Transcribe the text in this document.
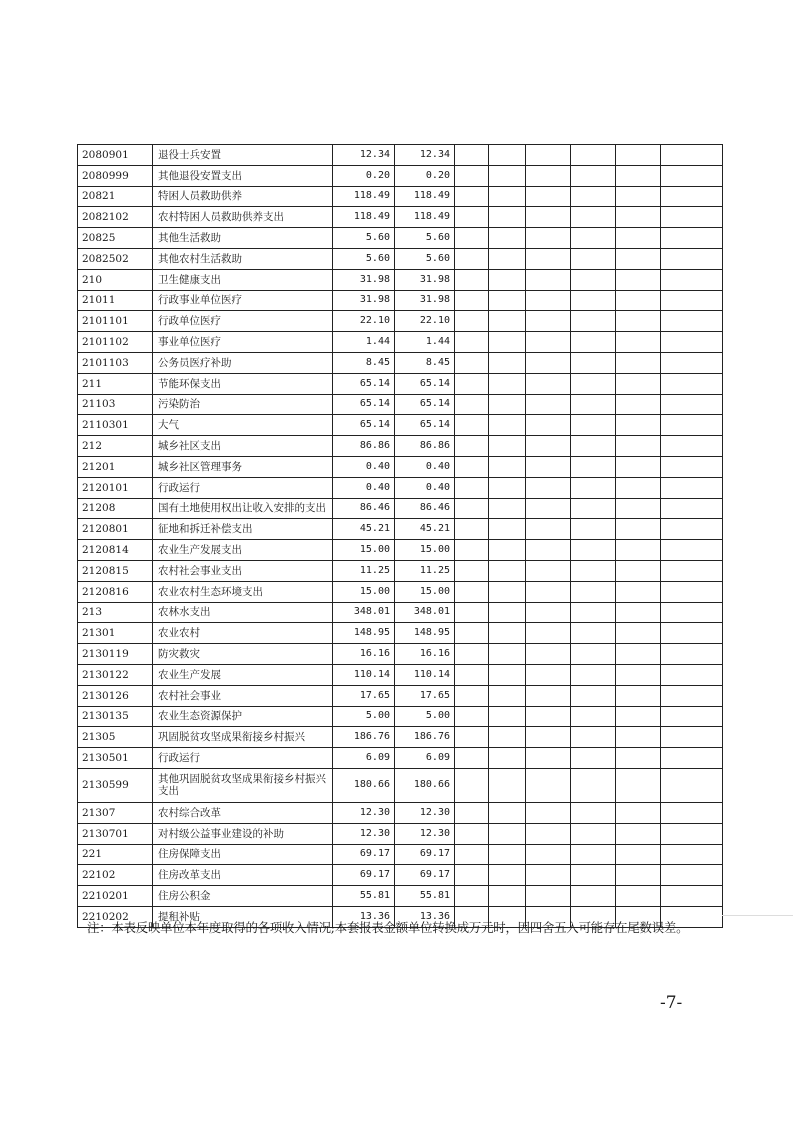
2080901	退役士兵安置	12.34	12.34						
2080999	其他退役安置支出	0.20	0.20						
20821	特困人员救助供养	118.49	118.49						
2082102	农村特困人员救助供养支出	118.49	118.49						
20825	其他生活救助	5.60	5.60						
2082502	其他农村生活救助	5.60	5.60						
210	卫生健康支出	31.98	31.98						
21011	行政事业单位医疗	31.98	31.98						
2101101	行政单位医疗	22.10	22.10						
2101102	事业单位医疗	1.44	1.44						
2101103	公务员医疗补助	8.45	8.45						
211	节能环保支出	65.14	65.14						
21103	污染防治	65.14	65.14						
2110301	大气	65.14	65.14						
212	城乡社区支出	86.86	86.86						
21201	城乡社区管理事务	0.40	0.40						
2120101	行政运行	0.40	0.40						
21208	国有土地使用权出让收入安排的支出	86.46	86.46						
2120801	征地和拆迁补偿支出	45.21	45.21						
2120814	农业生产发展支出	15.00	15.00						
2120815	农村社会事业支出	11.25	11.25						
2120816	农业农村生态环境支出	15.00	15.00						
213	农林水支出	348.01	348.01						
21301	农业农村	148.95	148.95						
2130119	防灾救灾	16.16	16.16						
2130122	农业生产发展	110.14	110.14						
2130126	农村社会事业	17.65	17.65						
2130135	农业生态资源保护	5.00	5.00						
21305	巩固脱贫攻坚成果衔接乡村振兴	186.76	186.76						
2130501	行政运行	6.09	6.09						
2130599	其他巩固脱贫攻坚成果衔接乡村振兴支出	180.66	180.66						
21307	农村综合改革	12.30	12.30						
2130701	对村级公益事业建设的补助	12.30	12.30						
221	住房保障支出	69.17	69.17						
22102	住房改革支出	69.17	69.17						
2210201	住房公积金	55.81	55.81						
2210202	提租补贴	13.36	13.36						
注：本表反映单位本年度取得的各项收入情况;本套报表金额单位转换成万元时，因四舍五入可能存在尾数误差。
-7-
